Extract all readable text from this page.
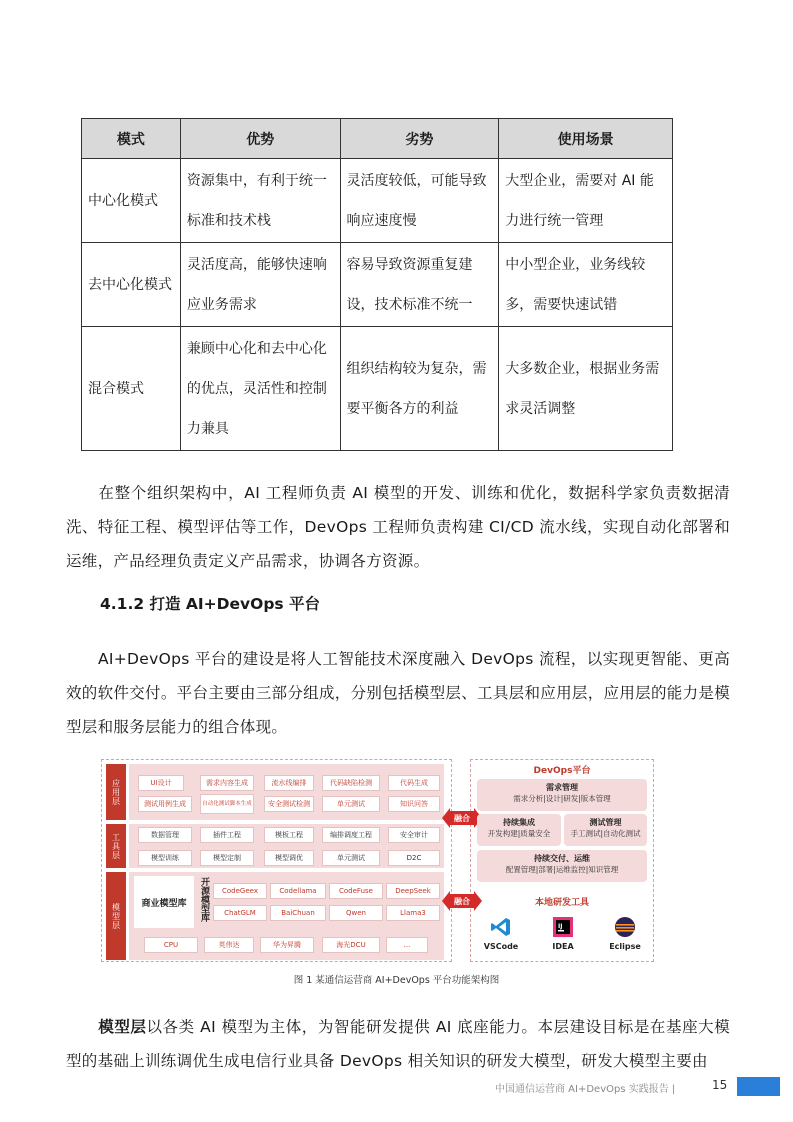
模式	优势	劣势	使用场景
中心化模式	资源集中，有利于统一标准和技术栈	灵活度较低，可能导致响应速度慢	大型企业，需要对 AI 能力进行统一管理
去中心化模式	灵活度高，能够快速响应业务需求	容易导致资源重复建设，技术标准不统一	中小型企业，业务线较多，需要快速试错
混合模式	兼顾中心化和去中心化的优点，灵活性和控制力兼具	组织结构较为复杂，需要平衡各方的利益	大多数企业，根据业务需求灵活调整
在整个组织架构中，AI 工程师负责 AI 模型的开发、训练和优化，数据科学家负责数据清洗、特征工程、模型评估等工作，DevOps 工程师负责构建 CI/CD 流水线，实现自动化部署和运维，产品经理负责定义产品需求，协调各方资源。
4.1.2 打造 AI+DevOps 平台
AI+DevOps 平台的建设是将人工智能技术深度融入 DevOps 流程，以实现更智能、更高效的软件交付。平台主要由三部分组成，分别包括模型层、工具层和应用层，应用层的能力是模型层和服务层能力的组合体现。
应用层	UI设计	需求内容生成	流水线编排	代码缺陷检测	代码生成
测试用例生成	自动化测试脚本生成	安全测试检测	单元测试	知识问答
工具层	数据管理	插件工程	模板工程	编排调度工程	安全审计
模型训练	模型定制	模型调优	单元测试	D2C
模型层	商业模型库	开源模型库	CodeGeex	Codellama	CodeFuse	DeepSeek
ChatGLM	BaiChuan	Qwen	Llama3
CPU	英伟达	华为昇腾	海光DCU	...
融合
融合
DevOps平台
需求管理
需求分析|设计|研发|版本管理
持续集成
开发构建|质量安全
测试管理
手工测试|自动化测试
持续交付、运维
配置管理|部署|运维监控|知识管理
本地研发工具
VSCode
IJ
IDEA	Eclipse
图 1 某通信运营商 AI+DevOps 平台功能架构图
模型层以各类 AI 模型为主体，为智能研发提供 AI 底座能力。本层建设目标是在基座大模型的基础上训练调优生成电信行业具备 DevOps 相关知识的研发大模型，研发大模型主要由
中国通信运营商 AI+DevOps 实践报告 |	15
